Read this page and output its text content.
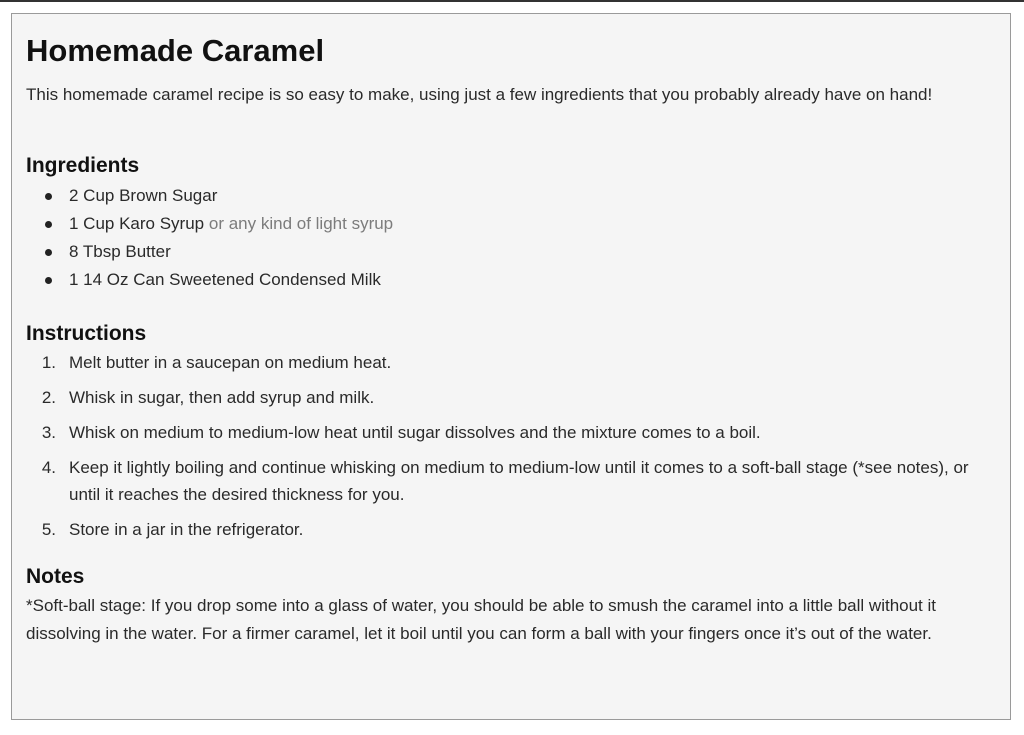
Homemade Caramel

This homemade caramel recipe is so easy to make, using just a few ingredients that you probably already have on hand!

Ingredients
2 Cup Brown Sugar
1 Cup Karo Syrup or any kind of light syrup
8 Tbsp Butter
1 14 Oz Can Sweetened Condensed Milk
Instructions
1. Melt butter in a saucepan on medium heat.
2. Whisk in sugar, then add syrup and milk.
3. Whisk on medium to medium-low heat until sugar dissolves and the mixture comes to a boil.
4. Keep it lightly boiling and continue whisking on medium to medium-low until it comes to a soft-ball stage (*see notes), or until it reaches the desired thickness for you.
5. Store in a jar in the refrigerator.
Notes

*Soft-ball stage: If you drop some into a glass of water, you should be able to smush the caramel into a little ball without it dissolving in the water. For a firmer caramel, let it boil until you can form a ball with your fingers once it’s out of the water.
